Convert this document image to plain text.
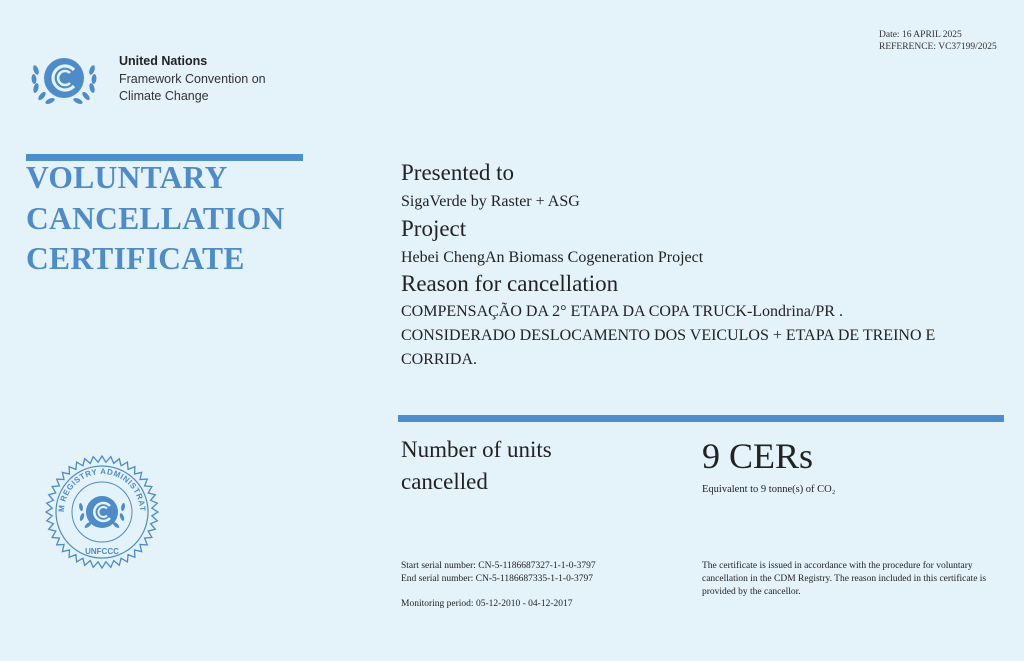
Date: 16 APRIL 2025
REFERENCE: VC37199/2025
United Nations
Framework Convention on
Climate Change
VOLUNTARY
CANCELLATION
CERTIFICATE
Presented to
SigaVerde by Raster + ASG
Project
Hebei ChengAn Biomass Cogeneration Project
Reason for cancellation
COMPENSAÇÃO DA 2° ETAPA DA COPA TRUCK-Londrina/PR .
CONSIDERADO DESLOCAMENTO DOS VEICULOS + ETAPA DE TREINO E
CORRIDA.
Number of units
cancelled
9 CERs
Equivalent to 9 tonne(s) of CO₂
Start serial number: CN-5-1186687327-1-1-0-3797
End serial number: CN-5-1186687335-1-1-0-3797
Monitoring period: 05-12-2010 - 04-12-2017
The certificate is issued in accordance with the procedure for voluntary cancellation in the CDM Registry. The reason included in this certificate is provided by the cancellor.
M REGISTRY ADMINISTRAT
UNFCCC
